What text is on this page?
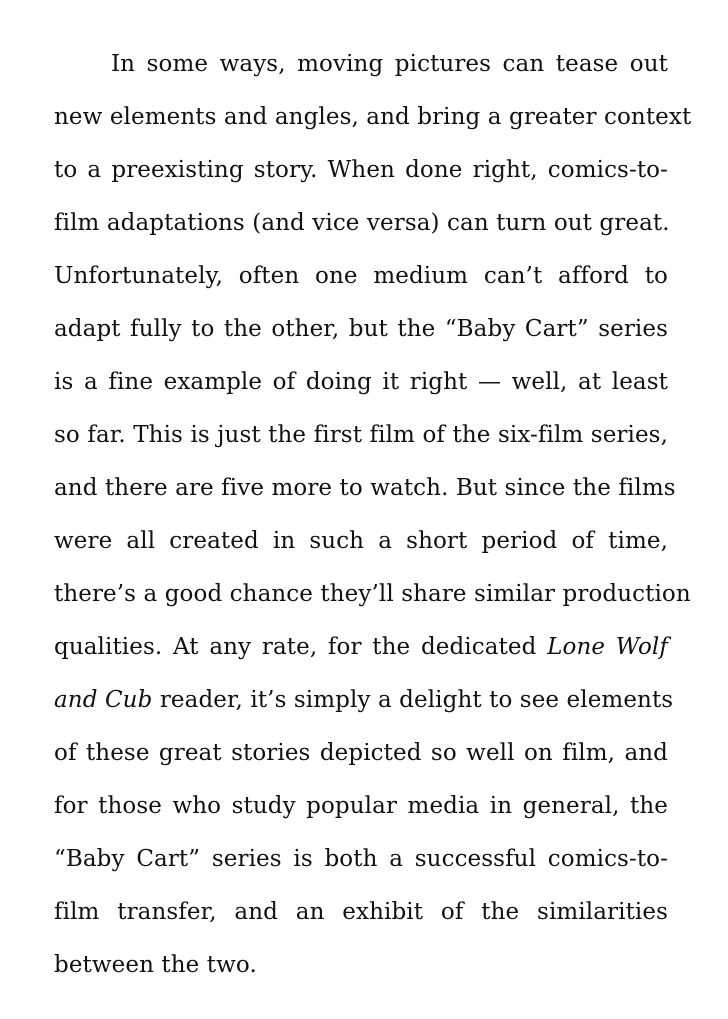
In some ways, moving pictures can tease out
new elements and angles, and bring a greater context
to a preexisting story. When done right, comics-to-
film adaptations (and vice versa) can turn out great.
Unfortunately, often one medium can’t afford to
adapt fully to the other, but the “Baby Cart” series
is a fine example of doing it right — well, at least
so far. This is just the first film of the six-film series,
and there are five more to watch. But since the films
were all created in such a short period of time,
there’s a good chance they’ll share similar production
qualities. At any rate, for the dedicated Lone Wolf
and Cub reader, it’s simply a delight to see elements
of these great stories depicted so well on film, and
for those who study popular media in general, the
“Baby Cart” series is both a successful comics-to-
film transfer, and an exhibit of the similarities
between the two.
